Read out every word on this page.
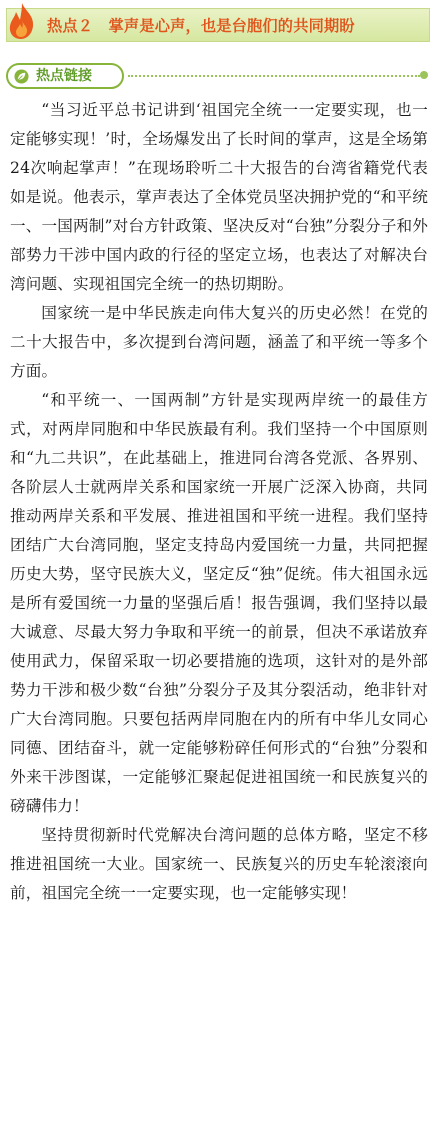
热点２　掌声是心声，也是台胞们的共同期盼
热点链接

“当习近平总书记讲到‘祖国完全统一一定要实现，也一定能够实现！’时，全场爆发出了长时间的掌声，这是全场第24次响起掌声！”在现场聆听二十大报告的台湾省籍党代表如是说。他表示，掌声表达了全体党员坚决拥护党的“和平统一、一国两制”对台方针政策、坚决反对“台独”分裂分子和外部势力干涉中国内政的行径的坚定立场，也表达了对解决台湾问题、实现祖国完全统一的热切期盼。

国家统一是中华民族走向伟大复兴的历史必然！在党的二十大报告中，多次提到台湾问题，涵盖了和平统一等多个方面。

“和平统一、一国两制”方针是实现两岸统一的最佳方式，对两岸同胞和中华民族最有利。我们坚持一个中国原则和“九二共识”，在此基础上，推进同台湾各党派、各界别、各阶层人士就两岸关系和国家统一开展广泛深入协商，共同推动两岸关系和平发展、推进祖国和平统一进程。我们坚持团结广大台湾同胞，坚定支持岛内爱国统一力量，共同把握历史大势，坚守民族大义，坚定反“独”促统。伟大祖国永远是所有爱国统一力量的坚强后盾！报告强调，我们坚持以最大诚意、尽最大努力争取和平统一的前景，但决不承诺放弃使用武力，保留采取一切必要措施的选项，这针对的是外部势力干涉和极少数“台独”分裂分子及其分裂活动，绝非针对广大台湾同胞。只要包括两岸同胞在内的所有中华儿女同心同德、团结奋斗，就一定能够粉碎任何形式的“台独”分裂和外来干涉图谋，一定能够汇聚起促进祖国统一和民族复兴的磅礴伟力！

坚持贯彻新时代党解决台湾问题的总体方略，坚定不移推进祖国统一大业。国家统一、民族复兴的历史车轮滚滚向前，祖国完全统一一定要实现，也一定能够实现！
